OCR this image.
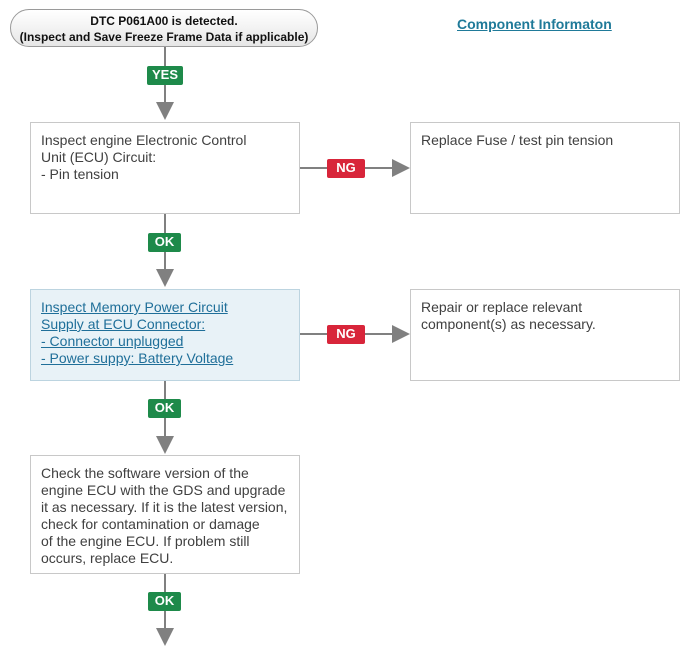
DTC P061A00 is detected.
(Inspect and Save Freeze Frame Data if applicable)
Component Informaton
YES
OK
OK
OK
NG
NG
Inspect engine Electronic Control
Unit (ECU) Circuit:
- Pin tension
Replace Fuse / test pin tension
Inspect Memory Power Circuit
Supply at ECU Connector:
- Connector unplugged
- Power suppy: Battery Voltage
Repair or replace relevant
component(s) as necessary.
Check the software version of the
engine ECU with the GDS and upgrade
it as necessary. If it is the latest version,
check for contamination or damage
of the engine ECU. If problem still
occurs, replace ECU.
